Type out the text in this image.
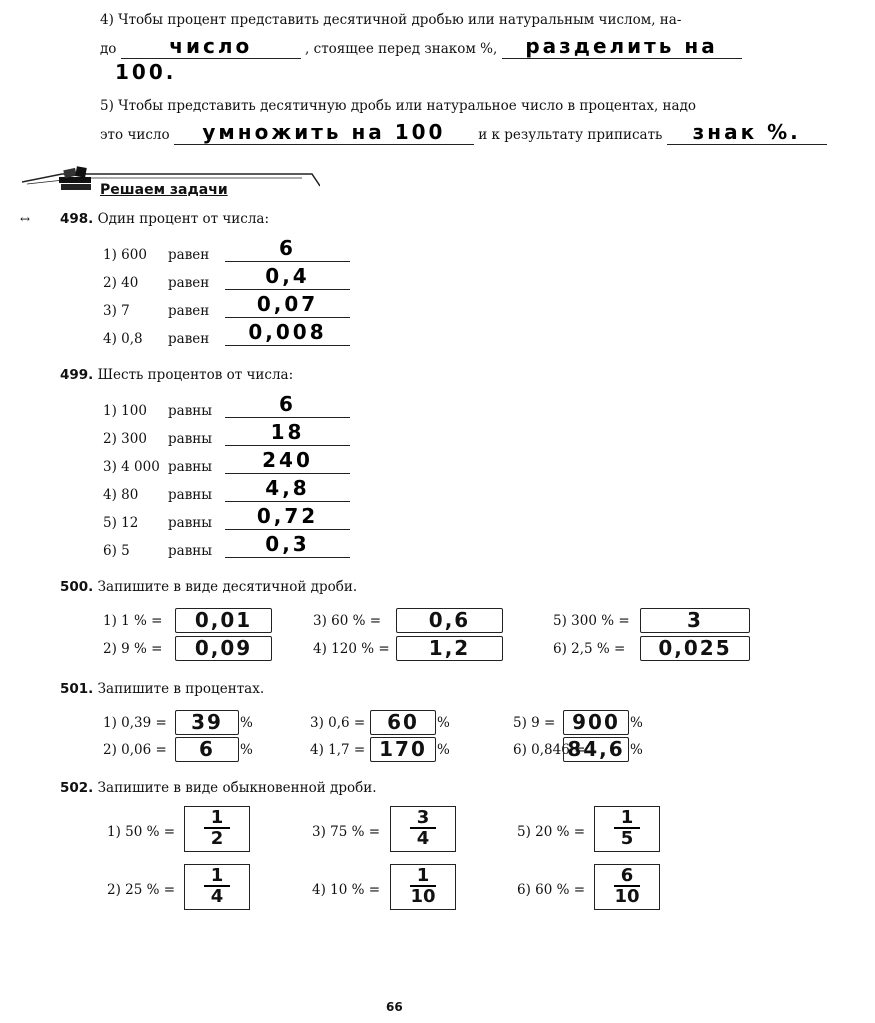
4) Чтобы процент представить десятичной дробью или натуральным числом, на-
до	число	, стоящее перед знаком %, разделить на
100.
5) Чтобы представить десятичную дробь или натуральное число в процентах, надо
это число умножить на 100 и к результату приписать знак %.
↔
Решаем задачи
498. Один процент от числа:
1) 600 равен	6
2) 40 равен	0,4
3) 7	равен	0,07
4) 0,8 равен	0,008
499. Шесть процентов от числа:
1) 100 равны	6
2) 300 равны	18
3) 4 000 равны	240
4) 80 равны	4,8
5) 12 равны	0,72
6) 5	равны	0,3
500. Запишите в виде десятичной дроби.
1) 1 % =	0,01
2) 9 % =	0,09
3) 60 % =	0,6
4) 120 % =	1,2
5) 300 % =	3
6) 2,5 % =	0,025
501. Запишите в процентах.
1) 0,39 =	39	%
2) 0,06 =	6	%
3) 0,6 =	60	%
4) 1,7 = 170 %
5) 9 = 900 %
6) 0,846 =
84,6 %
502. Запишите в виде обыкновенной дроби.
1) 50 % =
1
2
2) 25 % =
1
4
3) 75 % =
3
4
4) 10 % =
1
10
5) 20 % =
1
5
6) 60 % =
6
10
66
